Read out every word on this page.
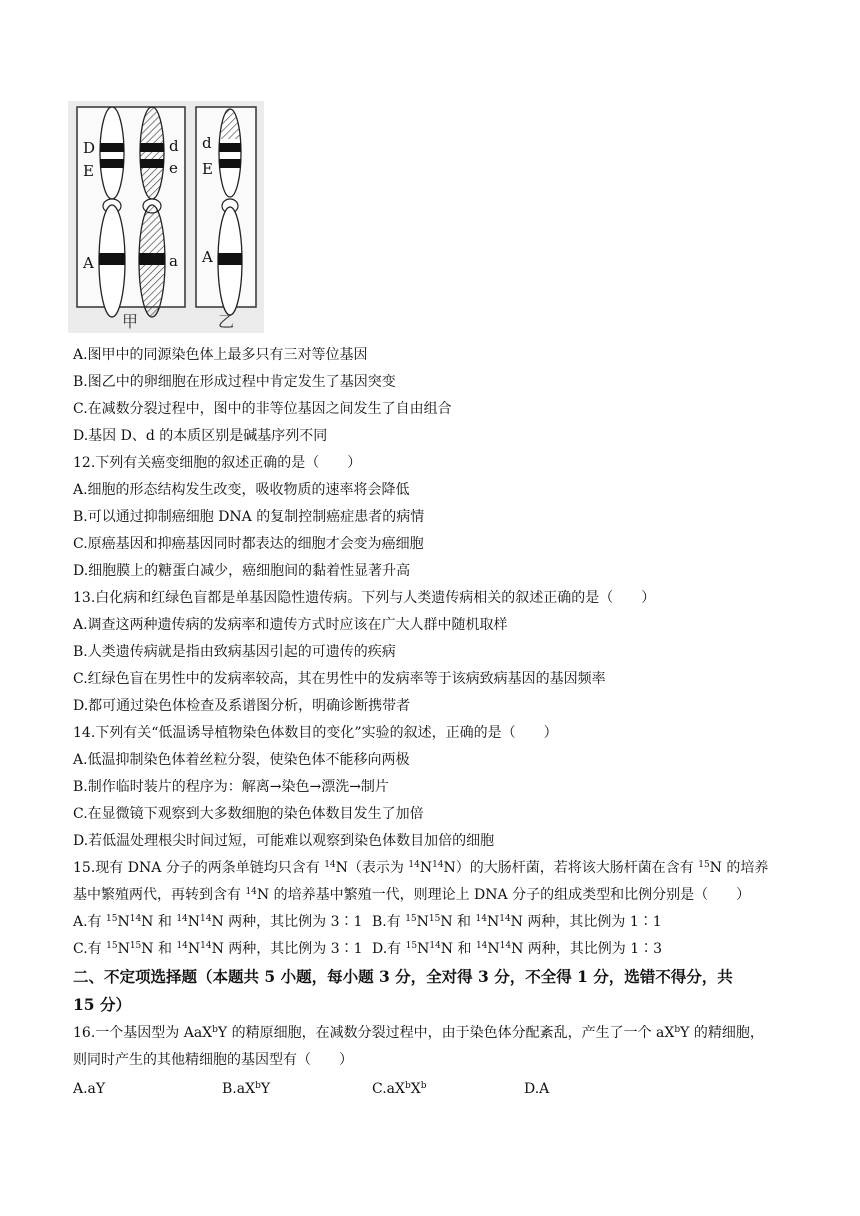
D
E
A
d
e
a
d
E
A
甲	乙
A.图甲中的同源染色体上最多只有三对等位基因
B.图乙中的卵细胞在形成过程中肯定发生了基因突变
C.在减数分裂过程中，图中的非等位基因之间发生了自由组合
D.基因 D、d 的本质区别是碱基序列不同
12.下列有关癌变细胞的叙述正确的是（　　）
A.细胞的形态结构发生改变，吸收物质的速率将会降低
B.可以通过抑制癌细胞 DNA 的复制控制癌症患者的病情
C.原癌基因和抑癌基因同时都表达的细胞才会变为癌细胞
D.细胞膜上的糖蛋白减少，癌细胞间的黏着性显著升高
13.白化病和红绿色盲都是单基因隐性遗传病。下列与人类遗传病相关的叙述正确的是（　　）
A.调查这两种遗传病的发病率和遗传方式时应该在广大人群中随机取样
B.人类遗传病就是指由致病基因引起的可遗传的疾病
C.红绿色盲在男性中的发病率较高，其在男性中的发病率等于该病致病基因的基因频率
D.都可通过染色体检查及系谱图分析，明确诊断携带者
14.下列有关“低温诱导植物染色体数目的变化”实验的叙述，正确的是（　　）
A.低温抑制染色体着丝粒分裂，使染色体不能移向两极
B.制作临时装片的程序为：解离→染色→漂洗→制片
C.在显微镜下观察到大多数细胞的染色体数目发生了加倍
D.若低温处理根尖时间过短，可能难以观察到染色体数目加倍的细胞
15.现有 DNA 分子的两条单链均只含有 $^{14}$N（表示为 $^{14}N^{14}N$）的大肠杆菌，若将该大肠杆菌在含有 $^{15}$N 的培养
基中繁殖两代，再转到含有 $^{14}$N 的培养基中繁殖一代，则理论上 DNA 分子的组成类型和比例分别是（　　）
A.有 $^{15}N^{14}N$ 和 $^{14}N^{14}N$ 两种，其比例为 3∶1 B.有 $^{15}N^{15}N$ 和 $^{14}N^{14}N$ 两种，其比例为 1∶1
C.有 $^{15}N^{15}N$ 和 $^{14}N^{14}N$ 两种，其比例为 3∶1 D.有 $^{15}N^{14}N$ 和 $^{14}N^{14}N$ 两种，其比例为 1∶3
二、不定项选择题（本题共 5 小题，每小题 3 分，全对得 3 分，不全得 1 分，选错不得分，共
15 分）
16.一个基因型为 AaX$^b$Y 的精原细胞，在减数分裂过程中，由于染色体分配紊乱，产生了一个 $aX^bY$ 的精细胞，
则同时产生的其他精细胞的基因型有（　　）
A.aY	$B.aX^bY$	$C.aX^bX^b$	D.A
